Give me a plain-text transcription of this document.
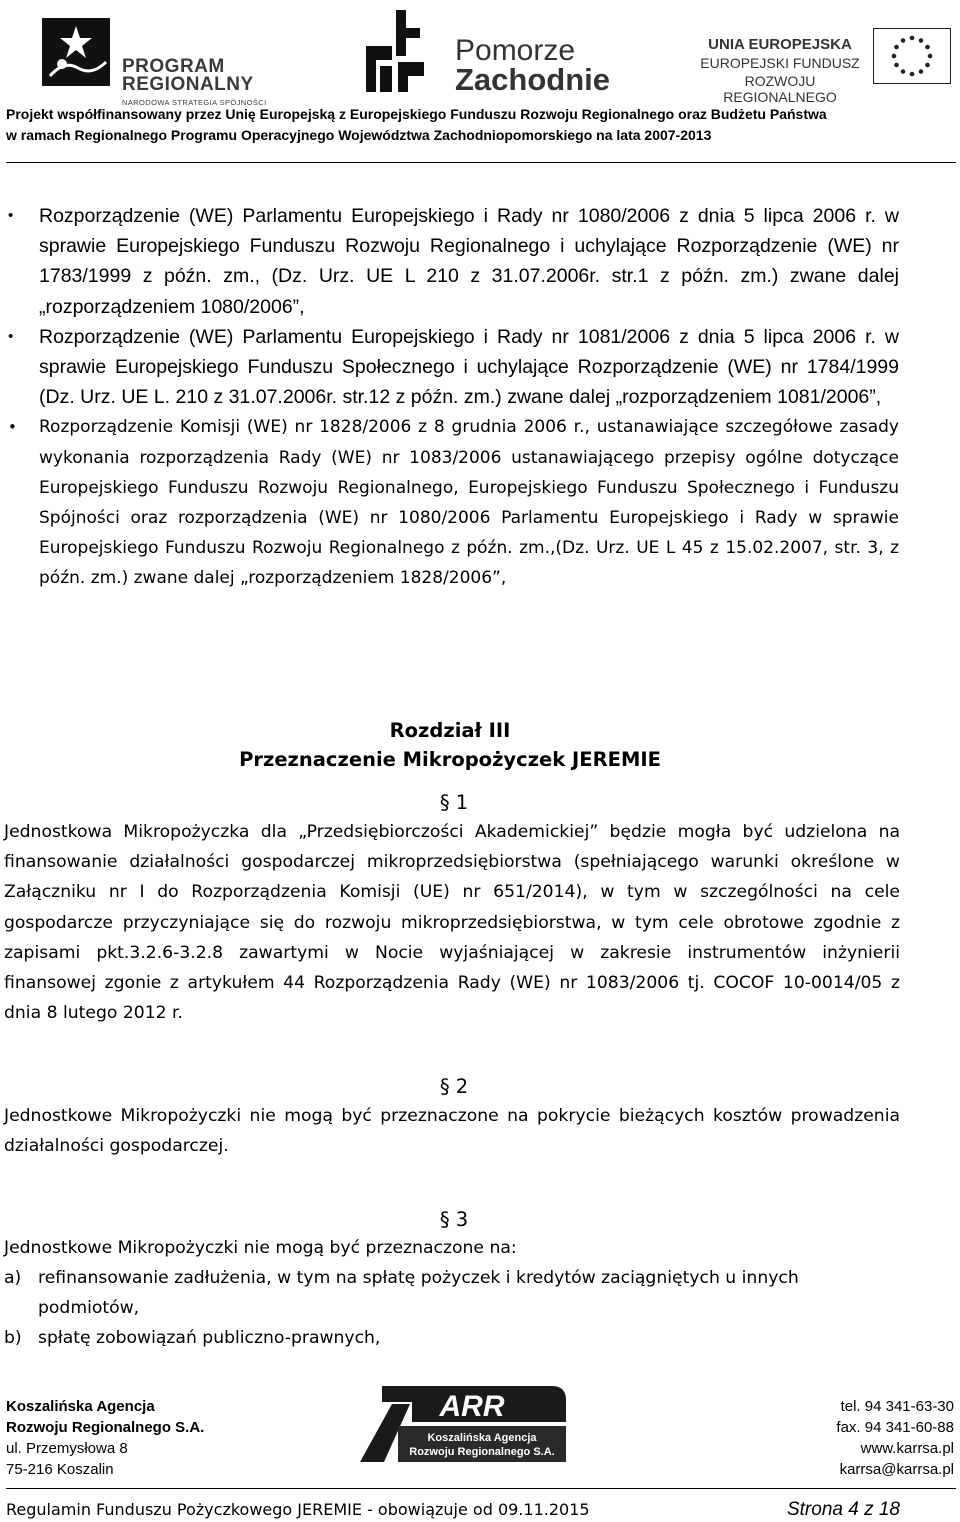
PROGRAM
REGIONALNY
NARODOWA STRATEGIA SPÓJNOŚCI
Pomorze
Zachodnie
UNIA EUROPEJSKA
EUROPEJSKI FUNDUSZ
ROZWOJU REGIONALNEGO
Projekt współfinansowany przez Unię Europejską z Europejskiego Funduszu Rozwoju Regionalnego oraz Budżetu Państwa
w ramach Regionalnego Programu Operacyjnego Województwa Zachodniopomorskiego na lata 2007-2013
• Rozporządzenie (WE) Parlamentu Europejskiego i Rady nr 1080/2006 z dnia 5 lipca 2006 r. w sprawie Europejskiego Funduszu Rozwoju Regionalnego i uchylające Rozporządzenie (WE) nr 1783/1999 z późn. zm., (Dz. Urz. UE L 210 z 31.07.2006r. str.1 z późn. zm.) zwane dalej „rozporządzeniem 1080/2006”,
• Rozporządzenie (WE) Parlamentu Europejskiego i Rady nr 1081/2006 z dnia 5 lipca 2006 r. w sprawie Europejskiego Funduszu Społecznego i uchylające Rozporządzenie (WE) nr 1784/1999 (Dz. Urz. UE L. 210 z 31.07.2006r. str.12 z późn. zm.) zwane dalej „rozporządzeniem 1081/2006”,
• Rozporządzenie Komisji (WE) nr 1828/2006 z 8 grudnia 2006 r., ustanawiające szczegółowe zasady wykonania rozporządzenia Rady (WE) nr 1083/2006 ustanawiającego przepisy ogólne dotyczące Europejskiego Funduszu Rozwoju Regionalnego, Europejskiego Funduszu Społecznego i Funduszu Spójności oraz rozporządzenia (WE) nr 1080/2006 Parlamentu Europejskiego i Rady w sprawie Europejskiego Funduszu Rozwoju Regionalnego z późn. zm.,(Dz. Urz. UE L 45 z 15.02.2007, str. 3, z późn. zm.) zwane dalej „rozporządzeniem 1828/2006”,
Rozdział III
Przeznaczenie Mikropożyczek JEREMIE
§ 1
Jednostkowa Mikropożyczka dla „Przedsiębiorczości Akademickiej” będzie mogła być udzielona na finansowanie działalności gospodarczej mikroprzedsiębiorstwa (spełniającego warunki określone w Załączniku nr I do Rozporządzenia Komisji (UE) nr 651/2014), w tym w szczególności na cele gospodarcze przyczyniające się do rozwoju mikroprzedsiębiorstwa, w tym cele obrotowe zgodnie z zapisami pkt.3.2.6-3.2.8 zawartymi w Nocie wyjaśniającej w zakresie instrumentów inżynierii finansowej zgonie z artykułem 44 Rozporządzenia Rady (WE) nr 1083/2006 tj. COCOF 10-0014/05 z dnia 8 lutego 2012 r.
§ 2
Jednostkowe Mikropożyczki nie mogą być przeznaczone na pokrycie bieżących kosztów prowadzenia działalności gospodarczej.
§ 3
Jednostkowe Mikropożyczki nie mogą być przeznaczone na:
a) refinansowanie zadłużenia, w tym na spłatę pożyczek i kredytów zaciągniętych u innych podmiotów,
b) spłatę zobowiązań publiczno-prawnych,
Koszalińska Agencja
Rozwoju Regionalnego S.A.
ul. Przemysłowa 8
75-216 Koszalin
ARR
Koszalińska Agencja
Rozwoju Regionalnego S.A.
tel. 94 341-63-30
fax. 94 341-60-88
www.karrsa.pl
karrsa@karrsa.pl
Regulamin Funduszu Pożyczkowego JEREMIE - obowiązuje od 09.11.2015	Strona 4 z 18
